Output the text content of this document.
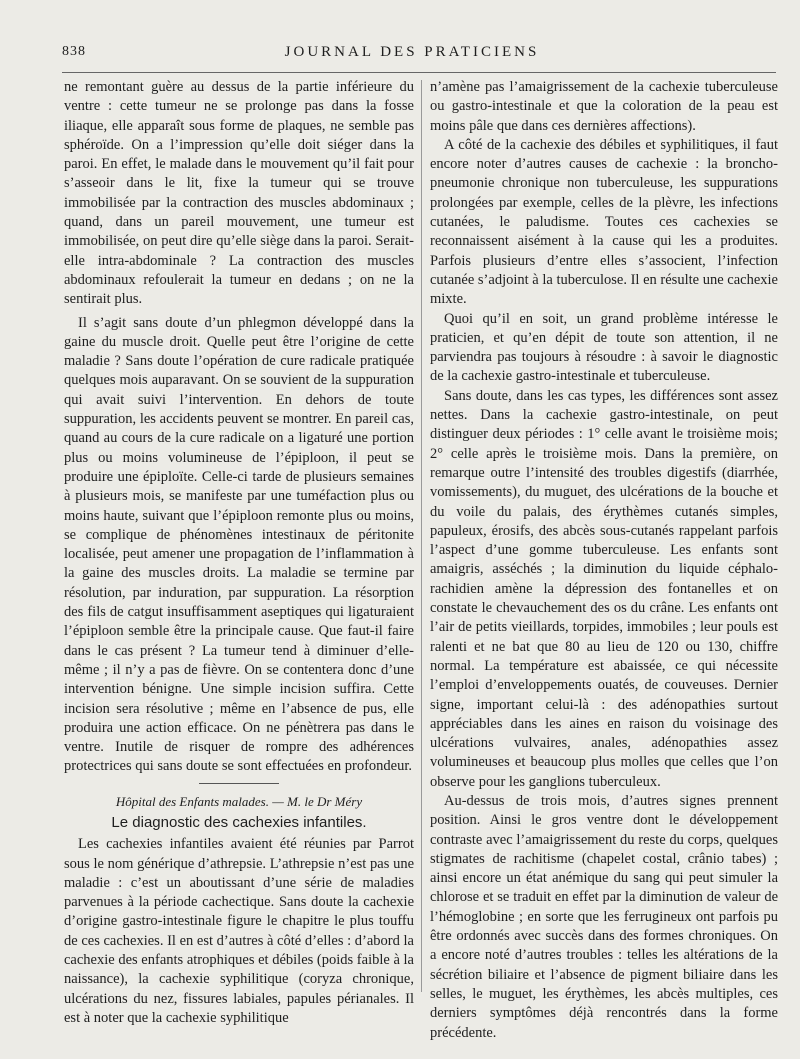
838	JOURNAL DES PRATICIENS

ne remontant guère au dessus de la partie inférieure du ventre : cette tumeur ne se prolonge pas dans la fosse iliaque, elle apparaît sous forme de plaques, ne semble pas sphéroïde. On a l’impression qu’elle doit siéger dans la paroi. En effet, le malade dans le mouvement qu’il fait pour s’asseoir dans le lit, fixe la tumeur qui se trouve immobilisée par la contraction des muscles abdominaux ; quand, dans un pareil mouvement, une tumeur est immobilisée, on peut dire qu’elle siège dans la paroi. Serait-elle intra-abdominale ? La contraction des muscles abdominaux refoulerait la tumeur en dedans ; on ne la sentirait plus.

Il s’agit sans doute d’un phlegmon développé dans la gaine du muscle droit. Quelle peut être l’origine de cette maladie ? Sans doute l’opération de cure radicale pratiquée quelques mois auparavant. On se souvient de la suppuration qui avait suivi l’intervention. En dehors de toute suppuration, les accidents peuvent se montrer. En pareil cas, quand au cours de la cure radicale on a ligaturé une portion plus ou moins volumineuse de l’épiploon, il peut se produire une épiploïte. Celle-ci tarde de plusieurs semaines à plusieurs mois, se manifeste par une tuméfaction plus ou moins haute, suivant que l’épiploon remonte plus ou moins, se complique de phénomènes intestinaux de péritonite localisée, peut amener une propagation de l’inflammation à la gaine des muscles droits. La maladie se termine par résolution, par induration, par suppuration. La résorption des fils de catgut insuffisamment aseptiques qui ligaturaient l’épiploon semble être la principale cause. Que faut-il faire dans le cas présent ? La tumeur tend à diminuer d’elle-même ; il n’y a pas de fièvre. On se contentera donc d’une intervention bénigne. Une simple incision suffira. Cette incision sera résolutive ; même en l’absence de pus, elle produira une action efficace. On ne pénètrera pas dans le ventre. Inutile de risquer de rompre des adhérences protectrices qui sans doute se sont effectuées en profondeur.

Hôpital des Enfants malades. — M. le Dr Méry

Le diagnostic des cachexies infantiles.

Les cachexies infantiles avaient été réunies par Parrot sous le nom générique d’athrepsie. L’athrepsie n’est pas une maladie : c’est un aboutissant d’une série de maladies parvenues à la période cachectique. Sans doute la cachexie d’origine gastro-intestinale figure le chapitre le plus touffu de ces cachexies. Il en est d’autres à côté d’elles : d’abord la cachexie des enfants atrophiques et débiles (poids faible à la naissance), la cachexie syphilitique (coryza chronique, ulcérations du nez, fissures labiales, papules périanales. Il est à noter que la cachexie syphilitique

n’amène pas l’amaigrissement de la cachexie tuberculeuse ou gastro-intestinale et que la coloration de la peau est moins pâle que dans ces dernières affections).

A côté de la cachexie des débiles et syphilitiques, il faut encore noter d’autres causes de cachexie : la broncho-pneumonie chronique non tuberculeuse, les suppurations prolongées par exemple, celles de la plèvre, les infections cutanées, le paludisme. Toutes ces cachexies se reconnaissent aisément à la cause qui les a produites. Parfois plusieurs d’entre elles s’associent, l’infection cutanée s’adjoint à la tuberculose. Il en résulte une cachexie mixte.

Quoi qu’il en soit, un grand problème intéresse le praticien, et qu’en dépit de toute son attention, il ne parviendra pas toujours à résoudre : à savoir le diagnostic de la cachexie gastro-intestinale et tuberculeuse.

Sans doute, dans les cas types, les différences sont assez nettes. Dans la cachexie gastro-intestinale, on peut distinguer deux périodes : 1° celle avant le troisième mois; 2° celle après le troisième mois. Dans la première, on remarque outre l’intensité des troubles digestifs (diarrhée, vomissements), du muguet, des ulcérations de la bouche et du voile du palais, des érythèmes cutanés simples, papuleux, érosifs, des abcès sous-cutanés rappelant parfois l’aspect d’une gomme tuberculeuse. Les enfants sont amaigris, asséchés ; la diminution du liquide céphalo-rachidien amène la dépression des fontanelles et on constate le chevauchement des os du crâne. Les enfants ont l’air de petits vieillards, torpides, immobiles ; leur pouls est ralenti et ne bat que 80 au lieu de 120 ou 130, chiffre normal. La température est abaissée, ce qui nécessite l’emploi d’enveloppements ouatés, de couveuses. Dernier signe, important celui-là : des adénopathies surtout appréciables dans les aines en raison du voisinage des ulcérations vulvaires, anales, adénopathies assez volumineuses et beaucoup plus molles que celles que l’on observe pour les ganglions tuberculeux.

Au-dessus de trois mois, d’autres signes prennent position. Ainsi le gros ventre dont le développement contraste avec l’amaigrissement du reste du corps, quelques stigmates de rachitisme (chapelet costal, crânio tabes) ; ainsi encore un état anémique du sang qui peut simuler la chlorose et se traduit en effet par la diminution de valeur de l’hémoglobine ; en sorte que les ferrugineux ont parfois pu être ordonnés avec succès dans des formes chroniques. On a encore noté d’autres troubles : telles les altérations de la sécrétion biliaire et l’absence de pigment biliaire dans les selles, le muguet, les érythèmes, les abcès multiples, ces derniers symptômes déjà rencontrés dans la forme précédente.
